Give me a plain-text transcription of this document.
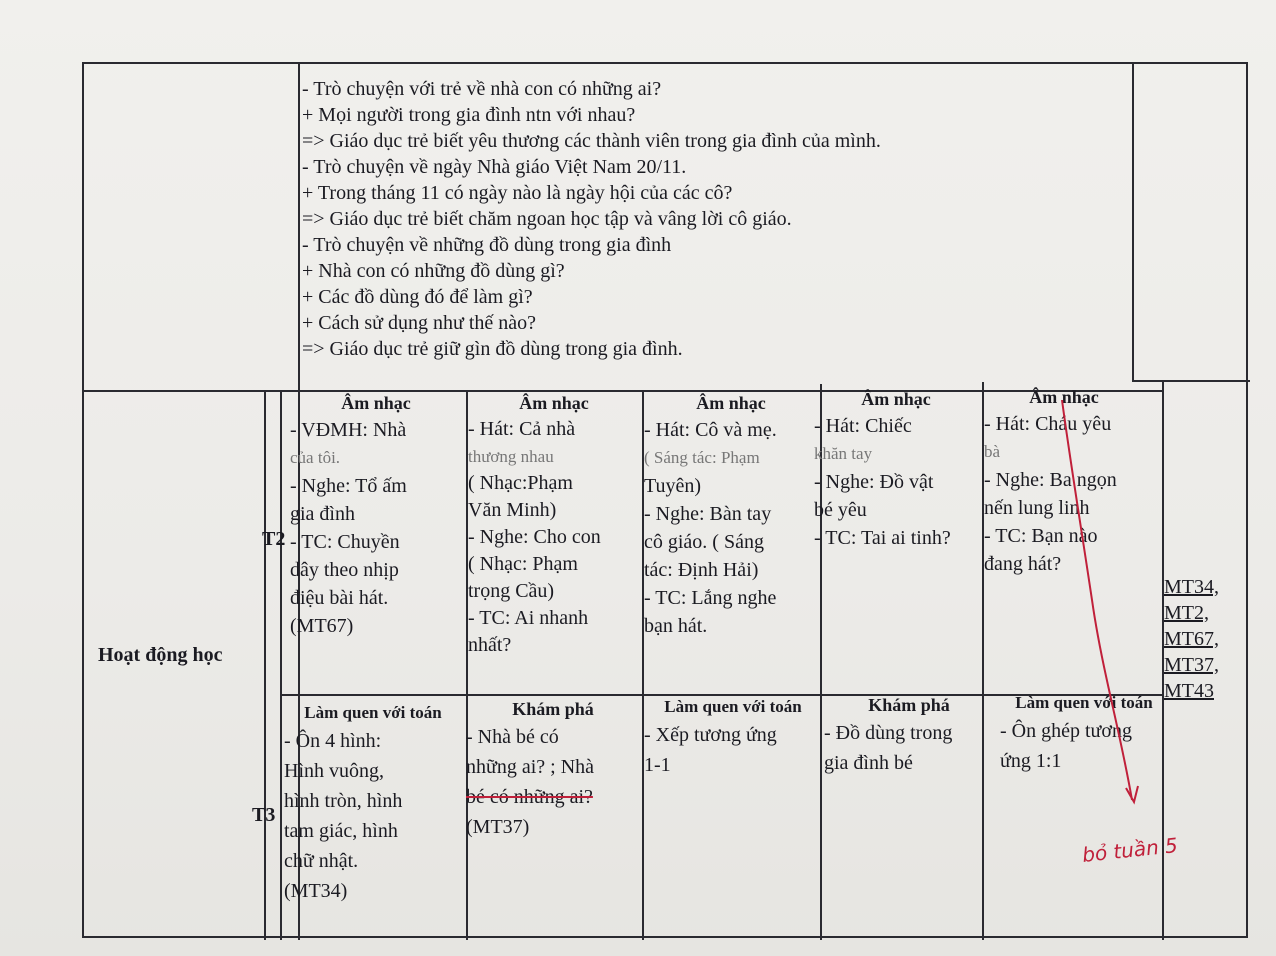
- Trò chuyện với trẻ về nhà con có những ai?
+ Mọi người trong gia đình ntn với nhau?
=> Giáo dục trẻ biết yêu thương các thành viên trong gia đình của mình.
- Trò chuyện về ngày Nhà giáo Việt Nam 20/11.
+ Trong tháng 11 có ngày nào là ngày hội của các cô?
=> Giáo dục trẻ biết chăm ngoan học tập và vâng lời cô giáo.
- Trò chuyện về những đồ dùng trong gia đình
+ Nhà con có những đồ dùng gì?
+ Các đồ dùng đó để làm gì?
+ Cách sử dụng như thế nào?
=> Giáo dục trẻ giữ gìn đồ dùng trong gia đình.
Hoạt động học
T2
T3
Âm nhạc
- VĐMH: Nhà
của tôi.
- Nghe: Tổ ấm
gia đình
- TC: Chuyền
dây theo nhịp
điệu bài hát.
(MT67)
Âm nhạc
- Hát: Cả nhà
thương nhau
( Nhạc:Phạm
Văn Minh)
- Nghe: Cho con
( Nhạc: Phạm
trọng Cầu)
- TC: Ai nhanh
nhất?
Âm nhạc
- Hát: Cô và mẹ.
( Sáng tác: Phạm
Tuyên)
- Nghe: Bàn tay
cô giáo. ( Sáng
tác: Định Hải)
- TC: Lắng nghe
bạn hát.
Âm nhạc
- Hát: Chiếc
khăn tay
- Nghe: Đồ vật
bé yêu
- TC: Tai ai tinh?
Âm nhạc
- Hát: Cháu yêu
bà
- Nghe: Ba ngọn
nến lung linh
- TC: Bạn nào
đang hát?
Làm quen với toán
- Ôn 4 hình:
Hình vuông,
hình tròn, hình
tam giác, hình
chữ nhật.
(MT34)
Khám phá
- Nhà bé có
những ai? ; Nhà
bé có những ai?
(MT37)
Làm quen với toán
- Xếp tương ứng
1-1
Khám phá
- Đồ dùng trong
gia đình bé
Làm quen với toán
- Ôn ghép tương
ứng 1:1
MT34,
MT2,
MT67,
MT37,
MT43
bỏ tuần 5
